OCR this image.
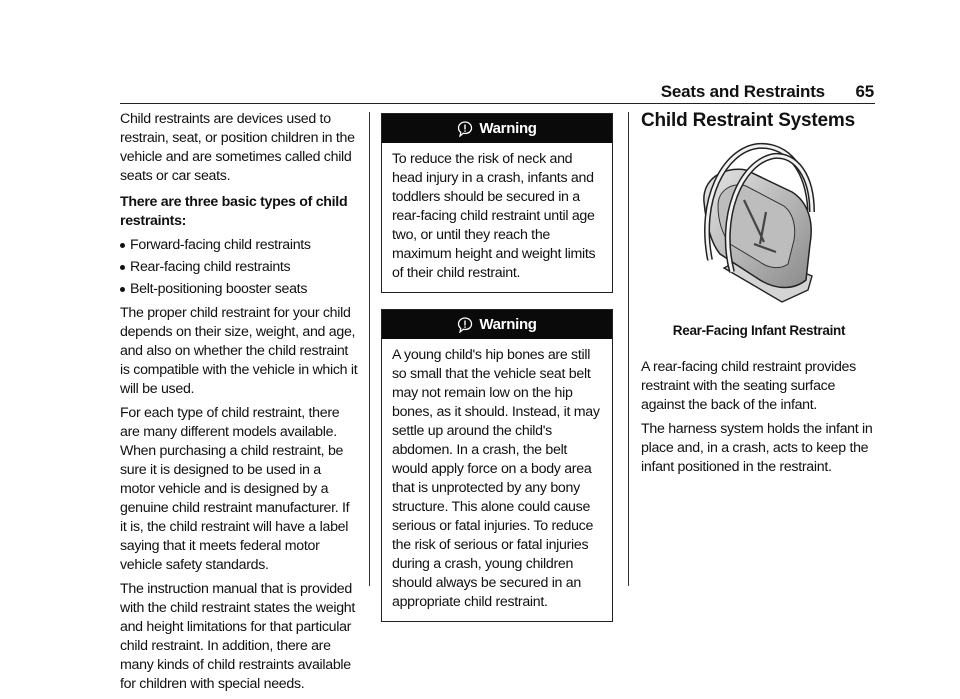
Seats and Restraints 65

Child restraints are devices used to restrain, seat, or position children in the vehicle and are sometimes called child seats or car seats.

There are three basic types of child restraints:

Forward-facing child restraints
Rear-facing child restraints
Belt-positioning booster seats

The proper child restraint for your child depends on their size, weight, and age, and also on whether the child restraint is compatible with the vehicle in which it will be used.

For each type of child restraint, there are many different models available. When purchasing a child restraint, be sure it is designed to be used in a motor vehicle and is designed by a genuine child restraint manufacturer. If it is, the child restraint will have a label saying that it meets federal motor vehicle safety standards.

The instruction manual that is provided with the child restraint states the weight and height limitations for that particular child restraint. In addition, there are many kinds of child restraints available for children with special needs.

Warning
To reduce the risk of neck and head injury in a crash, infants and toddlers should be secured in a rear-facing child restraint until age two, or until they reach the maximum height and weight limits of their child restraint.
Warning
A young child's hip bones are still so small that the vehicle seat belt may not remain low on the hip bones, as it should. Instead, it may settle up around the child's abdomen. In a crash, the belt would apply force on a body area that is unprotected by any bony structure. This alone could cause serious or fatal injuries. To reduce the risk of serious or fatal injuries during a crash, young children should always be secured in an appropriate child restraint.
Child Restraint Systems
Rear-Facing Infant Restraint

A rear-facing child restraint provides restraint with the seating surface against the back of the infant.

The harness system holds the infant in place and, in a crash, acts to keep the infant positioned in the restraint.
